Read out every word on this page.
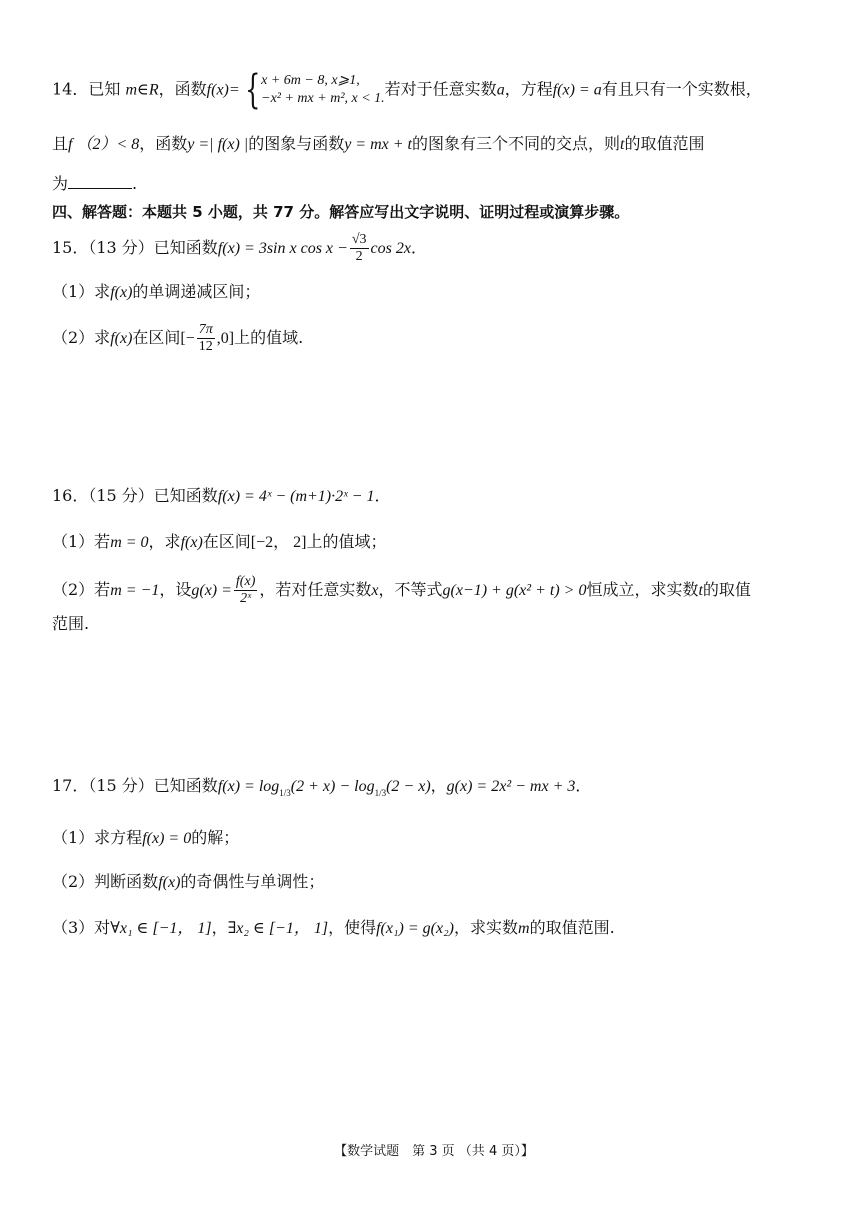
14．已知 m∈R，函数f(x)= { x + 6m − 8, x⩾1,
−x² + mx + m², x < 1. 若对于任意实数a，方程f(x) = a有且只有一个实数根，
且f （2）< 8，函数y =| f(x) |的图象与函数y = mx + t的图象有三个不同的交点，则t的取值范围
为	.
四、解答题：本题共 5 小题，共 77 分。解答应写出文字说明、证明过程或演算步骤。
15．（13 分）已知函数f(x) = 3sin x $\cos x - \frac{√3}{2}$ cos 2x．
（1）求f(x)的单调递减区间；
（2）求f(x)在区间[− $\frac{7\pi}{12} ,0$]上的值域.
16．（15 分）已知函数f(x) = 4ˣ − (m+1)·2ˣ − 1．
（1）若m = 0，求f(x)在区间[−2， 2]上的值域；
（2）若m = −1，设$g(x) = \frac{f(x)}{\text{2ˣ}}$ ，若对任意实数x，不等式g(x−1) + g(x² + t) > 0恒成立，求实数t的取值
范围.
17．（15 分）已知函数$f(x) = \log_{1/3}(2 + x) - \log_{1/3}(2 - x)$，g(x) = 2x² − mx + 3．
（1）求方程f(x) = 0的解；
（2）判断函数f(x)的奇偶性与单调性；
（3）对∀x₁ ∈ [−1， 1]，∃x₂ ∈ [−1， 1]，使得f(x₁) = g(x₂)，求实数m的取值范围.
【数学试题　第 3 页 （共 4 页）】
